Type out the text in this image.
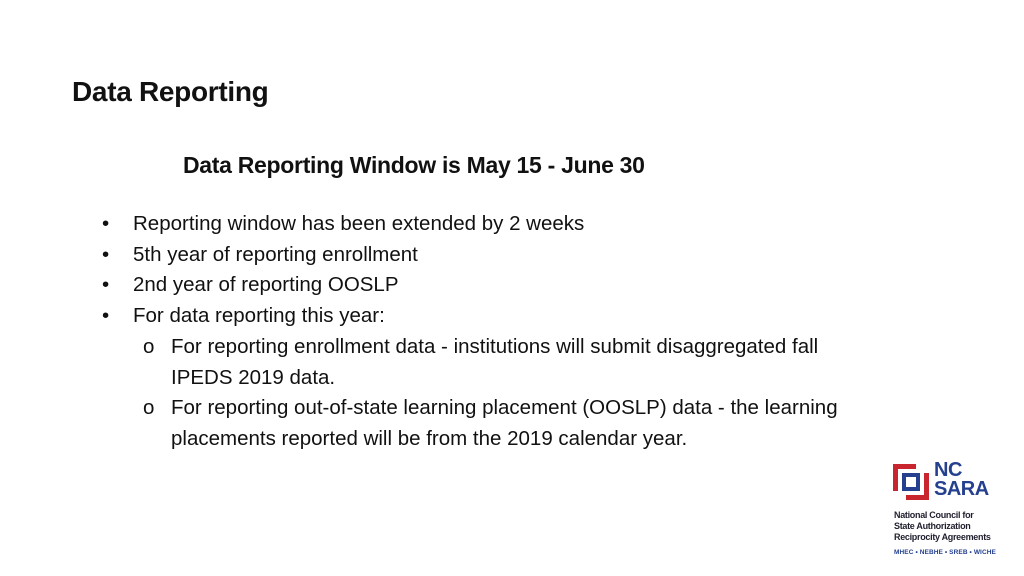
Data Reporting
Data Reporting Window is May 15 - June 30
• Reporting window has been extended by 2 weeks
• 5th year of reporting enrollment
• 2nd year of reporting OOSLP
• For data reporting this year:
o For reporting enrollment data - institutions will submit disaggregated fall IPEDS 2019 data.
o For reporting out-of-state learning placement (OOSLP) data - the learning placements reported will be from the 2019 calendar year.
NC
SARA
National Council for
State Authorization
Reciprocity Agreements
MHEC • NEBHE • SREB • WICHE
